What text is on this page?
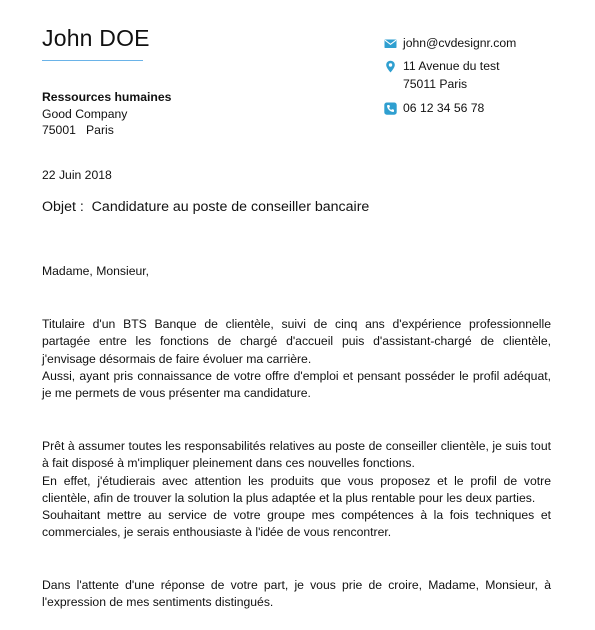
John DOE	john@cvdesignr.com
11 Avenue du test
75011 Paris
06 12 34 56 78
Ressources humaines
Good Company
75001   Paris
22 Juin 2018
Objet :  Candidature au poste de conseiller bancaire
Madame, Monsieur,
Titulaire d'un BTS Banque de clientèle, suivi de cinq ans d'expérience professionnelle partagée entre les fonctions de chargé d'accueil puis d'assistant-chargé de clientèle, j'envisage désormais de faire évoluer ma carrière.
Aussi, ayant pris connaissance de votre offre d'emploi et pensant posséder le profil adéquat, je me permets de vous présenter ma candidature.
Prêt à assumer toutes les responsabilités relatives au poste de conseiller clientèle, je suis tout à fait disposé à m'impliquer pleinement dans ces nouvelles fonctions.
En effet, j'étudierais avec attention les produits que vous proposez et le profil de votre clientèle, afin de trouver la solution la plus adaptée et la plus rentable pour les deux parties.
Souhaitant mettre au service de votre groupe mes compétences à la fois techniques et commerciales, je serais enthousiaste à l'idée de vous rencontrer.
Dans l'attente d'une réponse de votre part, je vous prie de croire, Madame, Monsieur, à l'expression de mes sentiments distingués.
